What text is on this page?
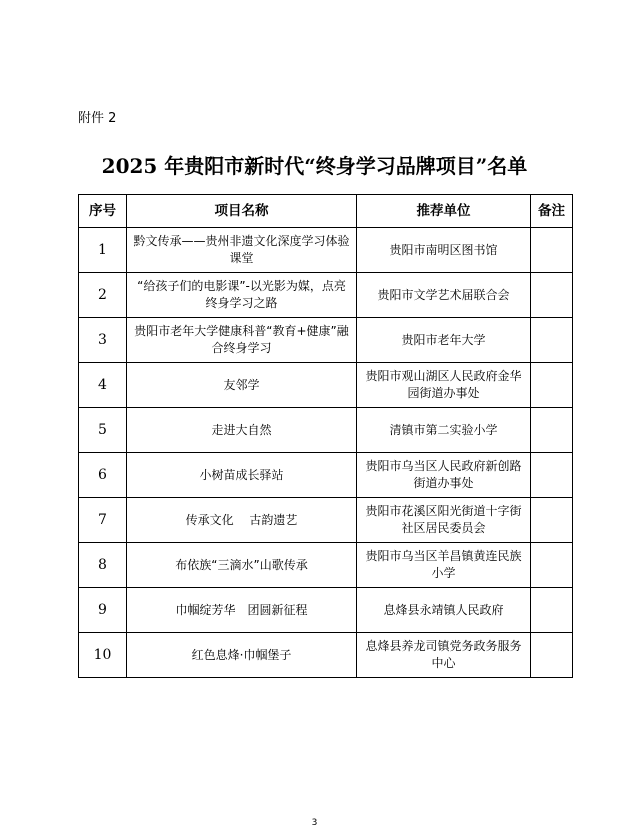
附件 2
2025 年贵阳市新时代“终身学习品牌项目”名单
序号	项目名称	推荐单位	备注
1	黔文传承——贵州非遗文化深度学习体验课堂	贵阳市南明区图书馆	
2	“给孩子们的电影课”-以光影为媒，点亮终身学习之路	贵阳市文学艺术届联合会	
3	贵阳市老年大学健康科普“教育+健康”融合终身学习	贵阳市老年大学	
4	友邻学	贵阳市观山湖区人民政府金华园街道办事处	
5	走进大自然	清镇市第二实验小学	
6	小树苗成长驿站	贵阳市乌当区人民政府新创路街道办事处	
7	传承文化　 古韵遗艺	贵阳市花溪区阳光街道十字街社区居民委员会	
8	布依族“三滴水”山歌传承	贵阳市乌当区羊昌镇黄连民族小学	
9	巾帼绽芳华　团圆新征程	息烽县永靖镇人民政府	
10	红色息烽·巾帼堡子	息烽县养龙司镇党务政务服务中心	
3
